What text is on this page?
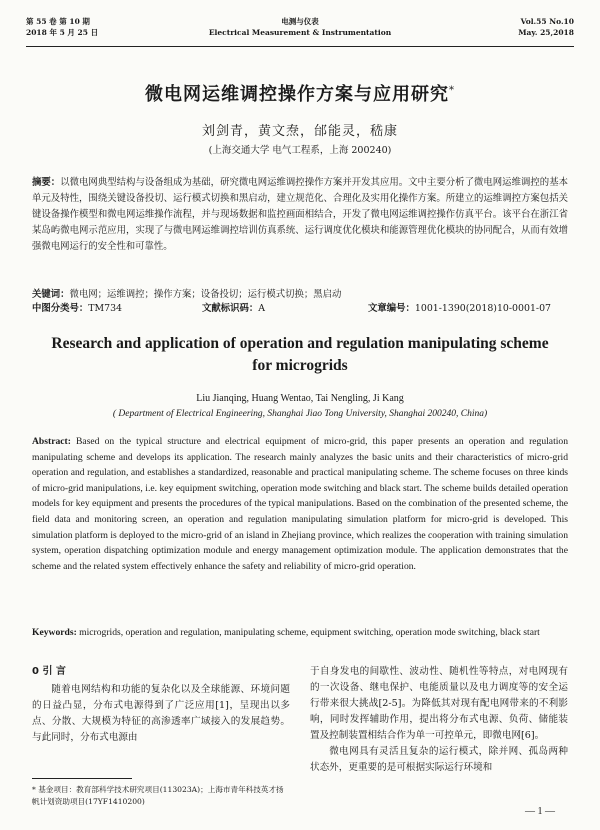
第 55 卷 第 10 期
2018 年 5 月 25 日
电测与仪表
Electrical Measurement & Instrumentation
Vol.55 No.10
May. 25,2018
微电网运维调控操作方案与应用研究*
刘剑青，黄文焘，邰能灵，嵇康
(上海交通大学 电气工程系，上海 200240)
摘要：以微电网典型结构与设备组成为基础，研究微电网运维调控操作方案并开发其应用。文中主要分析了微电网运维调控的基本单元及特性，围绕关键设备投切、运行模式切换和黑启动，建立规范化、合理化及实用化操作方案。所建立的运维调控方案包括关键设备操作模型和微电网运维操作流程，并与现场数据和监控画面相结合，开发了微电网运维调控操作仿真平台。该平台在浙江省某岛屿微电网示范应用，实现了与微电网运维调控培训仿真系统、运行调度优化模块和能源管理优化模块的协同配合，从而有效增强微电网运行的安全性和可靠性。
关键词：微电网；运维调控；操作方案；设备投切；运行模式切换；黑启动
中图分类号：TM734	文献标识码：A	文章编号：1001-1390(2018)10-0001-07
Research and application of operation and regulation manipulating scheme for microgrids
Liu Jianqing, Huang Wentao, Tai Nengling, Ji Kang
( Department of Electrical Engineering, Shanghai Jiao Tong University, Shanghai 200240, China)
Abstract: Based on the typical structure and electrical equipment of micro-grid, this paper presents an operation and regulation manipulating scheme and develops its application. The research mainly analyzes the basic units and their characteristics of micro-grid operation and regulation, and establishes a standardized, reasonable and practical manipulating scheme. The scheme focuses on three kinds of micro-grid manipulations, i.e. key equipment switching, operation mode switching and black start. The scheme builds detailed operation models for key equipment and presents the procedures of the typical manipulations. Based on the combination of the presented scheme, the field data and monitoring screen, an operation and regulation manipulating simulation platform for micro-grid is developed. This simulation platform is deployed to the micro-grid of an island in Zhejiang province, which realizes the cooperation with training simulation system, operation dispatching optimization module and energy management optimization module. The application demonstrates that the scheme and the related system effectively enhance the safety and reliability of micro-grid operation.
Keywords: microgrids, operation and regulation, manipulating scheme, equipment switching, operation mode switching, black start
0 引 言
随着电网结构和功能的复杂化以及全球能源、环境问题的日益凸显，分布式电源得到了广泛应用[1]，呈现出以多点、分散、大规模为特征的高渗透率广域接入的发展趋势。与此同时，分布式电源由
于自身发电的间歇性、波动性、随机性等特点，对电网现有的一次设备、继电保护、电能质量以及电力调度等的安全运行带来很大挑战[2-5]。为降低其对现有配电网带来的不利影响，同时发挥辅助作用，提出将分布式电源、负荷、储能装置及控制装置相结合作为单一可控单元，即微电网[6]。
微电网具有灵活且复杂的运行模式，除并网、孤岛两种状态外，更重要的是可根据实际运行环境和
* 基金项目：教育部科学技术研究项目(113023A)；上海市青年科技英才扬帆计划资助项目(17YF1410200)
— 1 —
